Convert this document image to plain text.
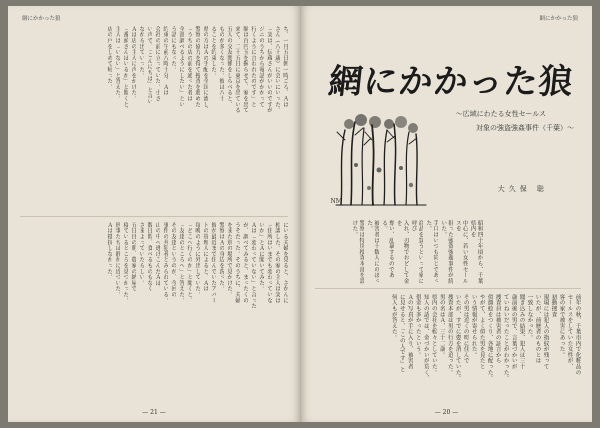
網にかかった狼
ち、一月五日朝一時ごろ、Ａは
さん（八十歳）に会いにいった。
「実は、伝蔵さんがいいのですが
ジニのうちから電話がかかって
行くように言われたのです」と
額は百円玉を握らせて、家を出て
来て、二十五日に東京を出ている
五人の交友関係をしらべると、
ものが多くなった。彼は八十
ることを約束した。
県の方はＡの手配を全国に流し、
警察の協力を得て捜査を進めた
「うちの店の前を通った者は
全部調べるようにしたい」とい
う話にもなった。
約束の午前八時十分、Ａは
会社の前に立っていた。小さ
い声で、「こんにちは」と言い
ながら出ていった。
Ａは店の主人に声をかけた。
「番頭さんはいるか」と聞くと、
主人は「いない」と答えた。
店の戸をしめて帰った。
にいる夫婦を見ると、さかんに
相談した。その家の主人は実は
「住所はいまでも変わっていな
いか」とＡに聞いてみた。
Ａは「変わっていない」と言った
が、調べてみると、まったくの
うそだった。そのうちに、夫婦
をまた別の場所で見かけた。
警察はＡの身辺を洗った。
彼が最近まで住んでいたアパー
トの管理人によると、Ａは
毎晩のように外出していた。
「どこへ行くのか」と聞くと、
「友達のところへ」と答えた。
その友達というのが、今回の
事件の共犯者とみられている。
山の中へ逃げこんだＡは、
数日間、食べるものもなく
さまよっていたらしい。
五日目の朝、農家の納屋で
寝ているところを見つかった。
刑事たちは静かに近づいた。
Ａは抵抗しなかった。
— 21 —
網にかかった狼
網にかかった狼
〜広域にわたる女性セールス
対象の強盗強姦事件（千葉）〜
大久保 聡
NM
昭和四十年頃から、千葉県内を
中心に、若い女性セールスを
狙った強盗強姦事件が続いた。
手口はいつも同じであった。
商品を買うといって家に呼び
入れ、刃物でおどして金を
奪い、乱暴するのである。
被害者は十数人にのぼった。
警察は特別捜査本部を設けた。
前年の秋、千葉市内で化粧品の
セールスをしていた女性が、
客の家で被害にあった。
初動捜査
現場には犯人の指紋が残って
いたが、前歴者のものとは
一致しなかった。
聞き込みの結果、犯人は三十
歳前後の男で、言葉づかいが
ていねいだったことがわかった。
捜査員は被害者の証言から
似顔絵をつくり、各地に配った。
やがて、よく似た男を見たと
いう情報が寄せられた。
その男は近くの町に住んで
いたが、すでに姿を消していた。
捜査本部は男の行方を追った。
男の名はＡ、三十二歳。
県内の会社を転々としていた。
知人の話では、金づかいが荒く、
借金も多かったという。
Ａの写真が手に入り、被害者
に見せると、「この人です」と
何人もが答えた。
— 20 —
